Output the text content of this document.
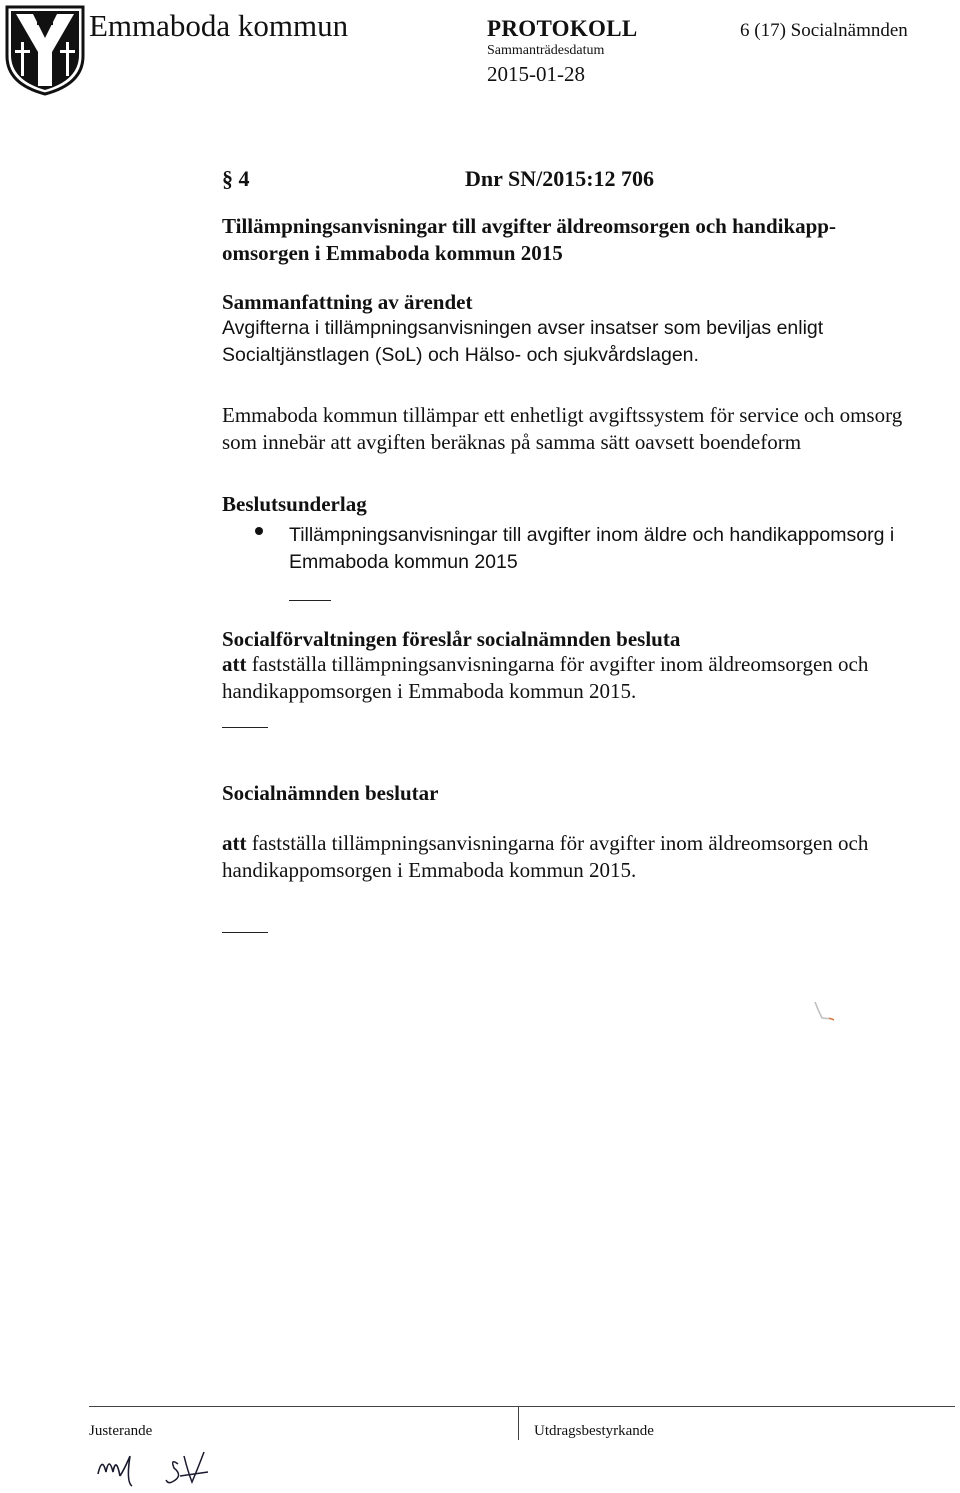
Emmaboda kommun	PROTOKOLL
Sammanträdesdatum
2015-01-28
6 (17) Socialnämnden
§ 4	Dnr SN/2015:12 706
Tillämpningsanvisningar till avgifter äldreomsorgen och handikapp-
omsorgen i Emmaboda kommun 2015
Sammanfattning av ärendet
Avgifterna i tillämpningsanvisningen avser insatser som beviljas enligt
Socialtjänstlagen (SoL) och Hälso- och sjukvårdslagen.
Emmaboda kommun tillämpar ett enhetligt avgiftssystem för service och omsorg
som innebär att avgiften beräknas på samma sätt oavsett boendeform
Beslutsunderlag
Tillämpningsanvisningar till avgifter inom äldre och handikappomsorg i
Emmaboda kommun 2015
Socialförvaltningen föreslår socialnämnden besluta
att fastställa tillämpningsanvisningarna för avgifter inom äldreomsorgen och
handikappomsorgen i Emmaboda kommun 2015.
Socialnämnden beslutar
att fastställa tillämpningsanvisningarna för avgifter inom äldreomsorgen och
handikappomsorgen i Emmaboda kommun 2015.
Justerande	Utdragsbestyrkande
